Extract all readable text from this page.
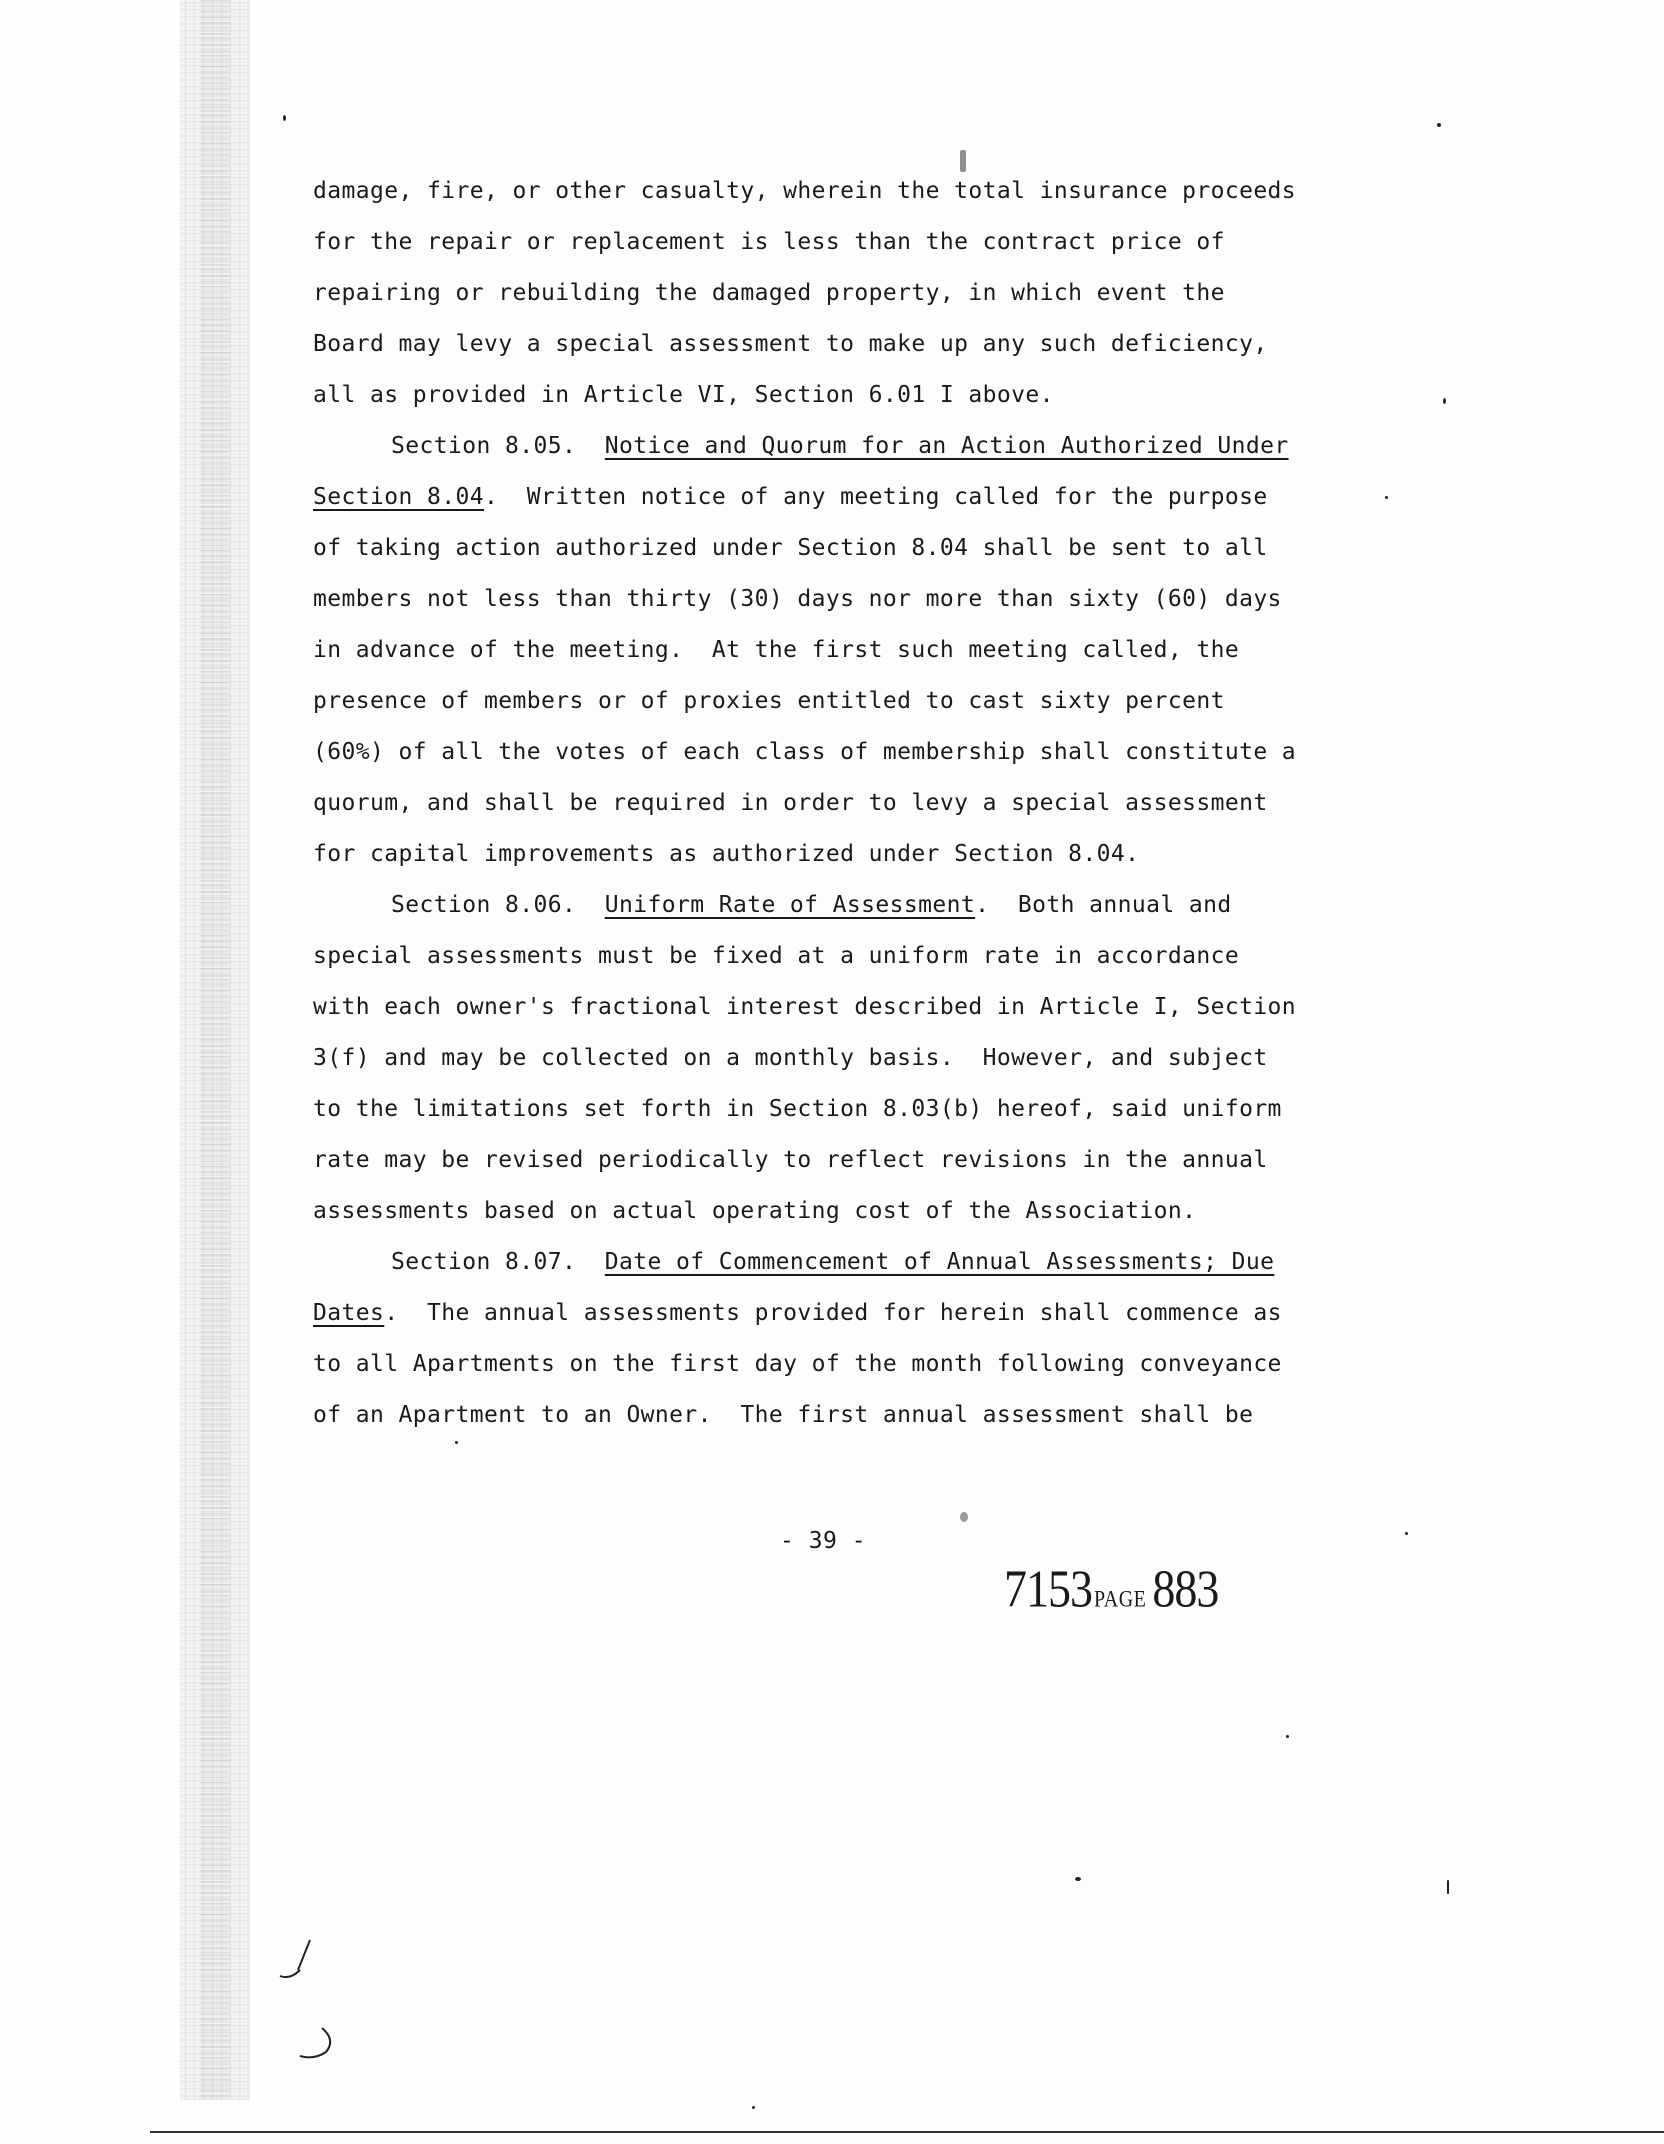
damage, fire, or other casualty, wherein the total insurance proceeds
for the repair or replacement is less than the contract price of
repairing or rebuilding the damaged property, in which event the
Board may levy a special assessment to make up any such deficiency,
all as provided in Article VI, Section 6.01 I above.
Section 8.05. Notice and Quorum for an Action Authorized Under
Section 8.04.  Written notice of any meeting called for the purpose
of taking action authorized under Section 8.04 shall be sent to all
members not less than thirty (30) days nor more than sixty (60) days
in advance of the meeting.  At the first such meeting called, the
presence of members or of proxies entitled to cast sixty percent
(60%) of all the votes of each class of membership shall constitute a
quorum, and shall be required in order to levy a special assessment
for capital improvements as authorized under Section 8.04.
Section 8.06. Uniform Rate of Assessment.  Both annual and
special assessments must be fixed at a uniform rate in accordance
with each owner's fractional interest described in Article I, Section
3(f) and may be collected on a monthly basis.  However, and subject
to the limitations set forth in Section 8.03(b) hereof, said uniform
rate may be revised periodically to reflect revisions in the annual
assessments based on actual operating cost of the Association.
Section 8.07. Date of Commencement of Annual Assessments; Due
Dates.  The annual assessments provided for herein shall commence as
to all Apartments on the first day of the month following conveyance
of an Apartment to an Owner.  The first annual assessment shall be
- 39 -
7153 PAGE 883
